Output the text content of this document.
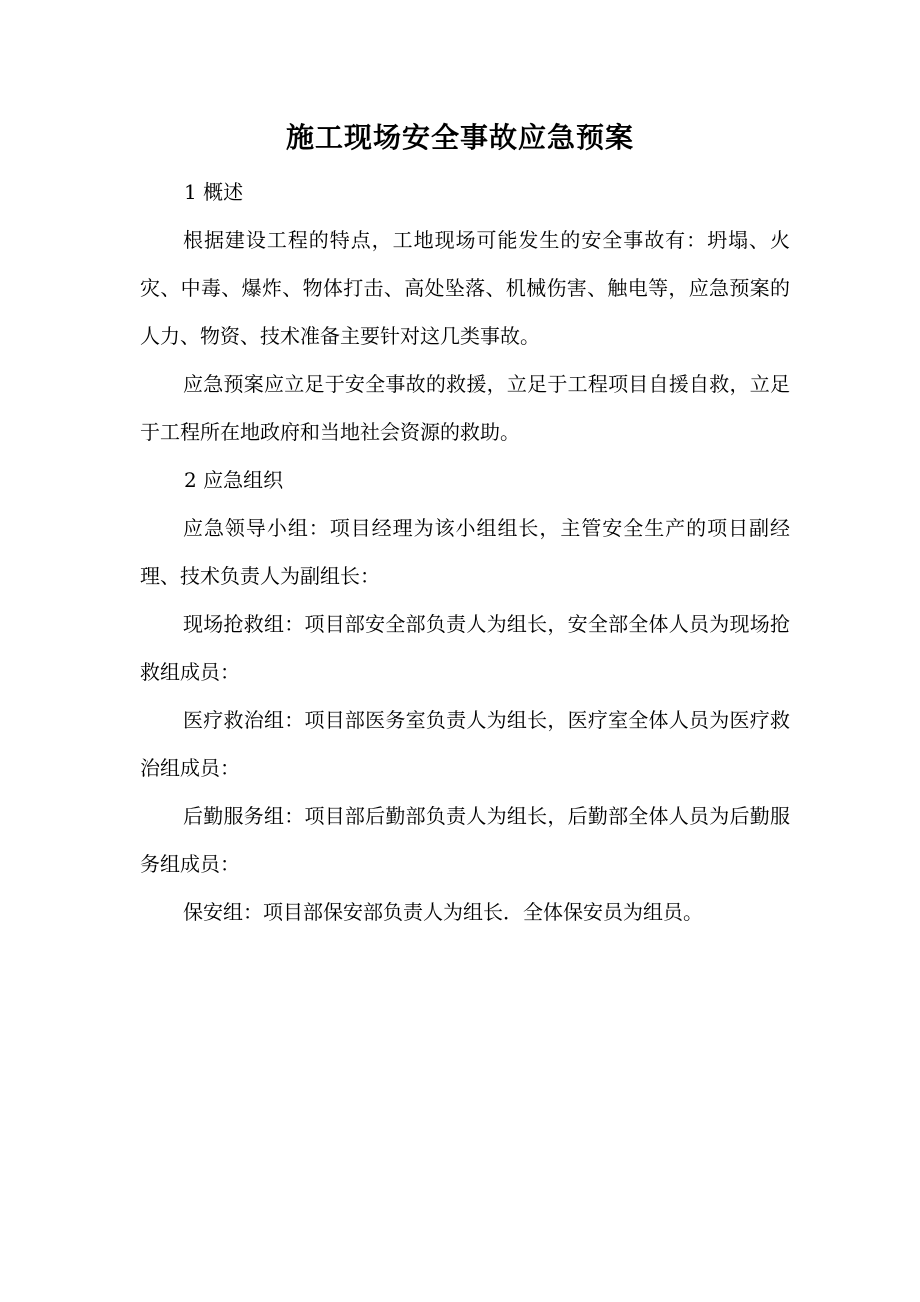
施工现场安全事故应急预案

1 概述

根据建设工程的特点，工地现场可能发生的安全事故有：坍塌、火灾、中毒、爆炸、物体打击、高处坠落、机械伤害、触电等，应急预案的人力、物资、技术准备主要针对这几类事故。

应急预案应立足于安全事故的救援，立足于工程项目自援自救，立足于工程所在地政府和当地社会资源的救助。

2 应急组织

应急领导小组：项目经理为该小组组长，主管安全生产的项日副经理、技术负责人为副组长：

现场抢救组：项目部安全部负责人为组长，安全部全体人员为现场抢救组成员：

医疗救治组：项目部医务室负责人为组长，医疗室全体人员为医疗救治组成员：

后勤服务组：项目部后勤部负责人为组长，后勤部全体人员为后勤服务组成员：

保安组：项目部保安部负责人为组长．全体保安员为组员。
